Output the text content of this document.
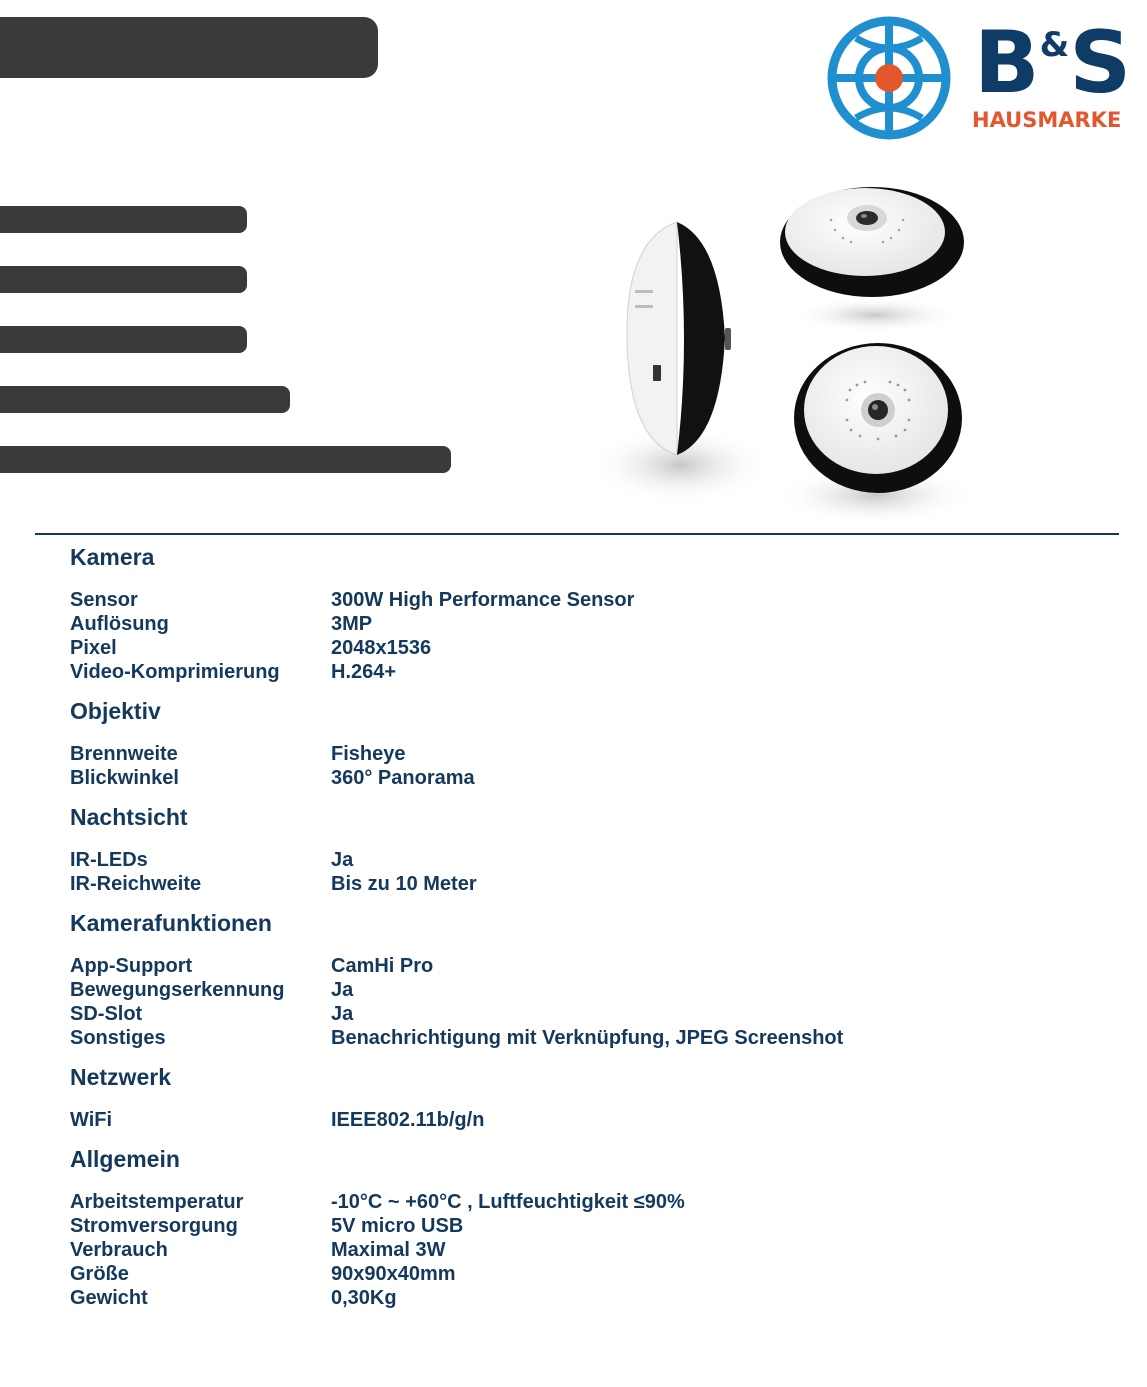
B&S
HAUSMARKE
Kamera
Sensor	300W High Performance Sensor
Auflösung	3MP
Pixel	2048x1536
Video-Komprimierung	H.264+
Objektiv
Brennweite	Fisheye
Blickwinkel	360° Panorama
Nachtsicht
IR-LEDs	Ja
IR-Reichweite	Bis zu 10 Meter
Kamerafunktionen
App-Support	CamHi Pro
Bewegungserkennung	Ja
SD-Slot	Ja
Sonstiges	Benachrichtigung mit Verknüpfung, JPEG Screenshot
Netzwerk
WiFi	IEEE802.11b/g/n
Allgemein
Arbeitstemperatur	-10°C ~ +60°C , Luftfeuchtigkeit ≤90%
Stromversorgung	5V micro USB
Verbrauch	Maximal 3W
Größe	90x90x40mm
Gewicht	0,30Kg
